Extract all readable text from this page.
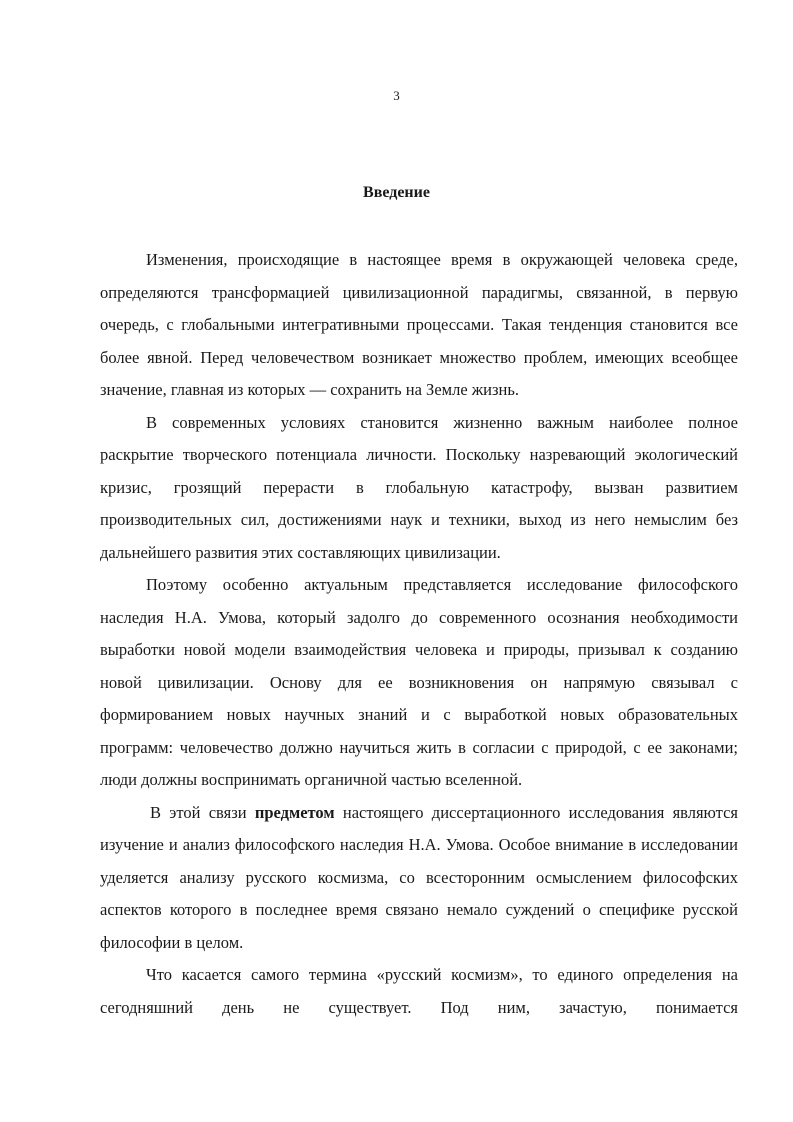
3
Введение

Изменения, происходящие в настоящее время в окружающей человека среде, определяются трансформацией цивилизационной парадигмы, связанной, в первую очередь, с глобальными интегративными процессами. Такая тенденция становится все более явной. Перед человечеством возникает множество проблем, имеющих всеобщее значение, главная из которых — сохранить на Земле жизнь.

В современных условиях становится жизненно важным наиболее полное раскрытие творческого потенциала личности. Поскольку назревающий экологический кризис, грозящий перерасти в глобальную катастрофу, вызван развитием производительных сил, достижениями наук и техники, выход из него немыслим без дальнейшего развития этих составляющих цивилизации.

Поэтому особенно актуальным представляется исследование философского наследия Н.А. Умова, который задолго до современного осознания необходимости выработки новой модели взаимодействия человека и природы, призывал к созданию новой цивилизации. Основу для ее возникновения он напрямую связывал с формированием новых научных знаний и с выработкой новых образовательных программ: человечество должно научиться жить в согласии с природой, с ее законами; люди должны воспринимать органичной частью вселенной.

В этой связи предметом настоящего диссертационного исследования являются изучение и анализ философского наследия Н.А. Умова. Особое внимание в исследовании уделяется анализу русского космизма, со всесторонним осмыслением философских аспектов которого в последнее время связано немало суждений о специфике русской философии в целом.

Что касается самого термина «русский космизм», то единого определения на сегодняшний день не существует. Под ним, зачастую, понимается
